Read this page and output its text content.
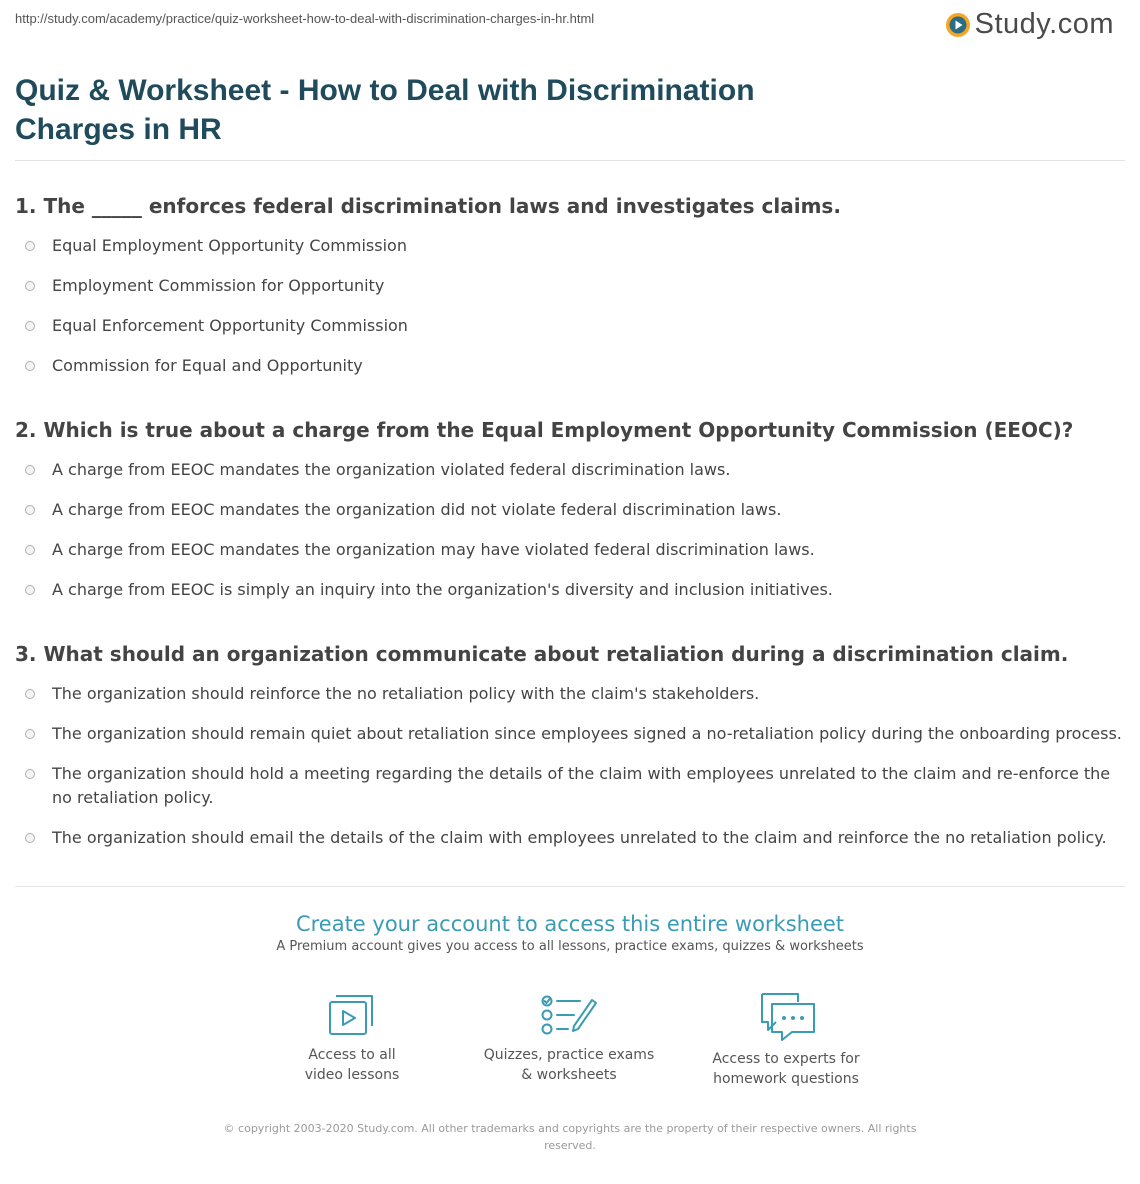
http://study.com/academy/practice/quiz-worksheet-how-to-deal-with-discrimination-charges-in-hr.html	Study.com
Quiz & Worksheet - How to Deal with Discrimination Charges in HR
1. The _____ enforces federal discrimination laws and investigates claims.
Equal Employment Opportunity Commission
Employment Commission for Opportunity
Equal Enforcement Opportunity Commission
Commission for Equal and Opportunity
2. Which is true about a charge from the Equal Employment Opportunity Commission (EEOC)?
A charge from EEOC mandates the organization violated federal discrimination laws.
A charge from EEOC mandates the organization did not violate federal discrimination laws.
A charge from EEOC mandates the organization may have violated federal discrimination laws.
A charge from EEOC is simply an inquiry into the organization's diversity and inclusion initiatives.
3. What should an organization communicate about retaliation during a discrimination claim.
The organization should reinforce the no retaliation policy with the claim's stakeholders.
The organization should remain quiet about retaliation since employees signed a no-retaliation policy during the onboarding process.
The organization should hold a meeting regarding the details of the claim with employees unrelated to the claim and re-enforce the no retaliation policy.
The organization should email the details of the claim with employees unrelated to the claim and reinforce the no retaliation policy.
Create your account to access this entire worksheet
A Premium account gives you access to all lessons, practice exams, quizzes & worksheets
Access to all
video lessons
Quizzes, practice exams
& worksheets
Access to experts for
homework questions
© copyright 2003-2020 Study.com. All other trademarks and copyrights are the property of their respective owners. All rights reserved.
